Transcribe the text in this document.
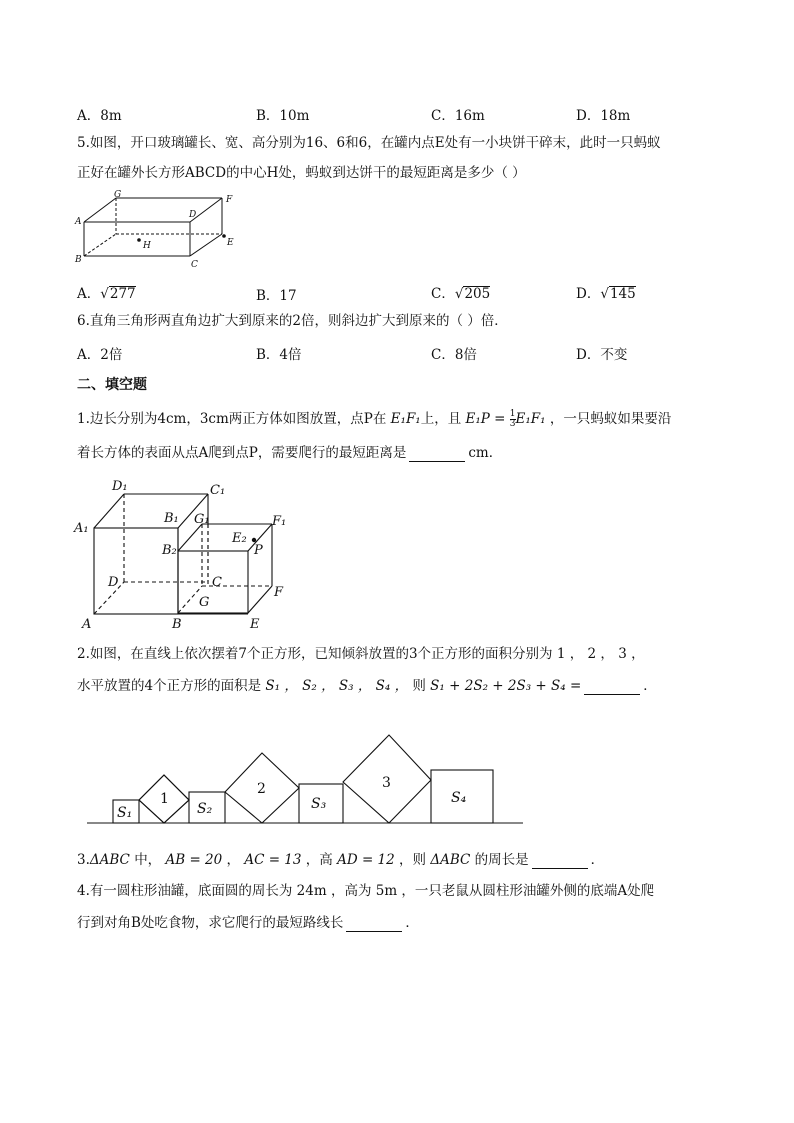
A．8m	B．10m	C．16m	D．18m
5.如图，开口玻璃罐长、宽、高分别为16、6和6，在罐内点E处有一小块饼干碎末，此时一只蚂蚁
正好在罐外长方形ABCD的中心H处，蚂蚁到达饼干的最短距离是多少（ ）
A
B	C
D
E
F
G
H
A．√277	B．17	C．√205	D．√145
6.直角三角形两直角边扩大到原来的2倍，则斜边扩大到原来的（ ）倍．
A．2倍	B．4倍	C．8倍	D．不变
二、填空题
1.边长分别为4cm，3cm两正方体如图放置，点P在 E₁F₁上，且 $E_1P = \frac{1}{3} E_1F_1$ ，一只蚂蚁如果要沿
着长方体的表面从点A爬到点P，需要爬行的最短距离是	cm．
D₁	C₁
A₁
B₁ G₁	F₁
E₂
P
B₂
D	C
G
F
A	B	E
2.如图，在直线上依次摆着7个正方形，已知倾斜放置的3个正方形的面积分别为 1 ， 2 ， 3 ，
水平放置的4个正方形的面积是 S₁ ， S₂ ， S₃ ， S₄ ， 则 S₁ + 2S₂ + 2S₃ + S₄ =	．
S₁
1
S₂
2
S₃
3
S₄
3.ΔABC 中， AB = 20 ， AC = 13 ，高 AD = 12 ，则 ΔABC 的周长是	．
4.有一圆柱形油罐，底面圆的周长为 24m ，高为 5m ，一只老鼠从圆柱形油罐外侧的底端A处爬
行到对角B处吃食物，求它爬行的最短路线长	．
